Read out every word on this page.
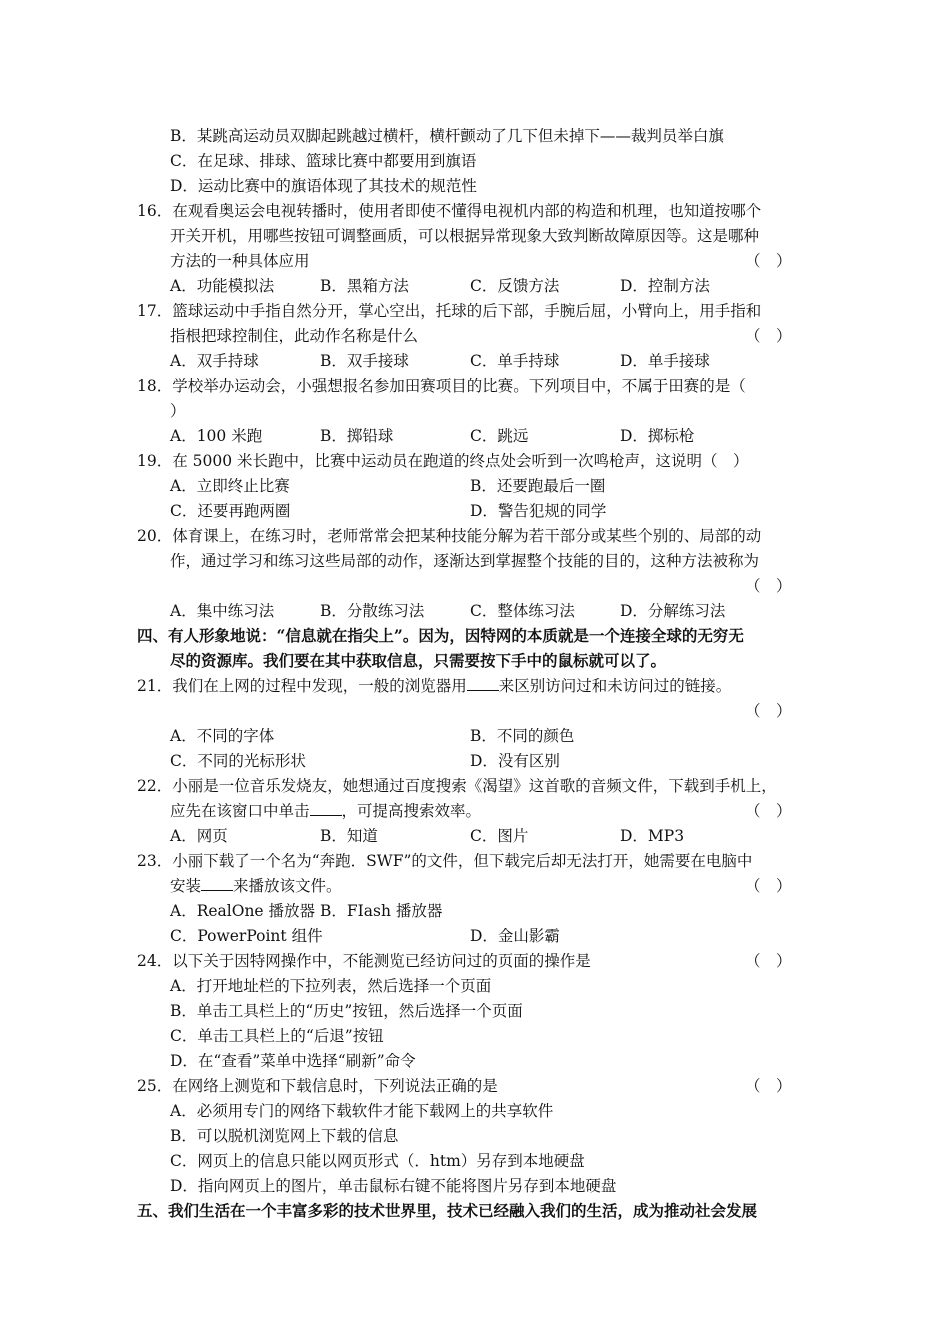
B．某跳高运动员双脚起跳越过横杆，横杆颤动了几下但未掉下——裁判员举白旗
C．在足球、排球、篮球比赛中都要用到旗语
D．运动比赛中的旗语体现了其技术的规范性
16．在观看奥运会电视转播时，使用者即使不懂得电视机内部的构造和机理，也知道按哪个
开关开机，用哪些按钮可调整画质，可以根据异常现象大致判断故障原因等。这是哪种
方法的一种具体应用	（　）
A．功能模拟法	B．黑箱方法	C．反馈方法	D．控制方法
17．篮球运动中手指自然分开，掌心空出，托球的后下部，手腕后屈，小臂向上，用手指和
指根把球控制住，此动作名称是什么	（　）
A．双手持球	B．双手接球	C．单手持球	D．单手接球
18．学校举办运动会，小强想报名参加田赛项目的比赛。下列项目中，不属于田赛的是（
）
A．100 米跑	B．掷铅球	C．跳远	D．掷标枪
19．在 5000 米长跑中，比赛中运动员在跑道的终点处会听到一次鸣枪声，这说明（　）
A．立即终止比赛	B．还要跑最后一圈
C．还要再跑两圈	D．警告犯规的同学
20．体育课上，在练习时，老师常常会把某种技能分解为若干部分或某些个别的、局部的动
作，通过学习和练习这些局部的动作，逐渐达到掌握整个技能的目的，这种方法被称为
（　）
A．集中练习法	B．分散练习法	C．整体练习法	D．分解练习法
四、有人形象地说：“信息就在指尖上”。因为，因特网的本质就是一个连接全球的无穷无
尽的资源库。我们要在其中获取信息，只需要按下手中的鼠标就可以了。
21．我们在上网的过程中发现，一般的浏览器用 来区别访问过和未访问过的链接。
（　）
A．不同的字体	B．不同的颜色
C．不同的光标形状	D．没有区别
22．小丽是一位音乐发烧友，她想通过百度搜索《渴望》这首歌的音频文件，下载到手机上，
应先在该窗口中单击 ，可提高搜索效率。	（　）
A．网页	B．知道	C．图片	D．MP3
23．小丽下载了一个名为“奔跑．SWF”的文件，但下载完后却无法打开，她需要在电脑中
安装 来播放该文件。	（　）
A．RealOne 播放器 B．FIash 播放器
C．PowerPoint 组件	D．金山影霸
24．以下关于因特网操作中，不能测览已经访问过的页面的操作是	（　）
A．打开地址栏的下拉列表，然后选择一个页面
B．单击工具栏上的“历史”按钮，然后选择一个页面
C．单击工具栏上的“后退”按钮
D．在“查看”菜单中选择“刷新”命令
25．在网络上测览和下载信息时，下列说法正确的是	（　）
A．必须用专门的网络下载软件才能下载网上的共享软件
B．可以脱机浏览网上下载的信息
C．网页上的信息只能以网页形式（．htm）另存到本地硬盘
D．指向网页上的图片，单击鼠标右键不能将图片另存到本地硬盘
五、我们生活在一个丰富多彩的技术世界里，技术已经融入我们的生活，成为推动社会发展
